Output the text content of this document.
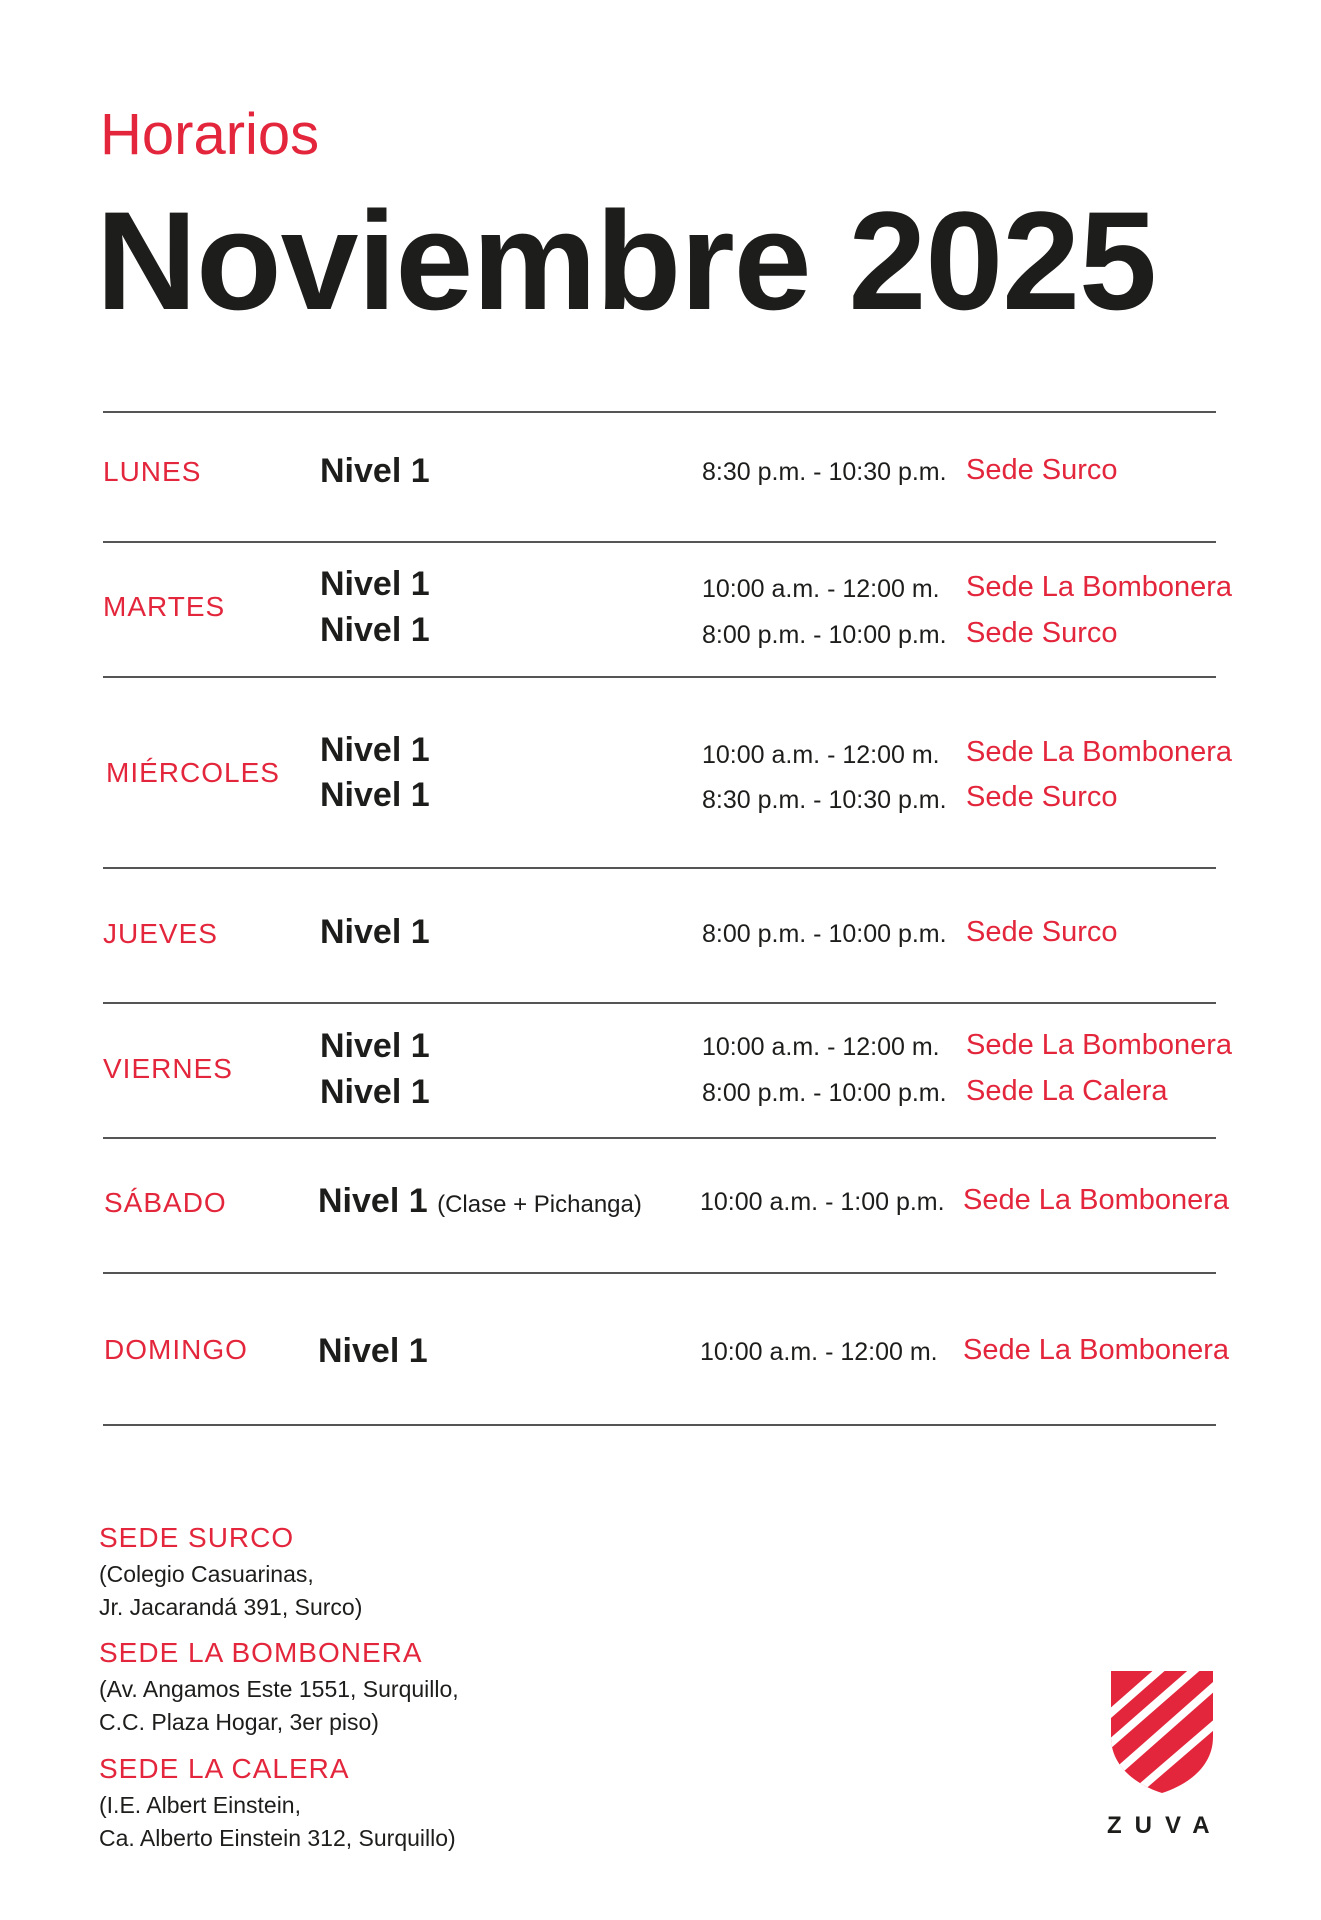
Horarios
Noviembre 2025
LUNES	Nivel 1	8:30 p.m. - 10:30 p.m. Sede Surco
MARTES
Nivel 1	10:00 a.m. - 12:00 m. Sede La Bombonera
Nivel 1	8:00 p.m. - 10:00 p.m. Sede Surco
MIÉRCOLES
Nivel 1	10:00 a.m. - 12:00 m. Sede La Bombonera
Nivel 1	8:30 p.m. - 10:30 p.m. Sede Surco
JUEVES	Nivel 1	8:00 p.m. - 10:00 p.m. Sede Surco
VIERNES
Nivel 1	10:00 a.m. - 12:00 m. Sede La Bombonera
Nivel 1	8:00 p.m. - 10:00 p.m. Sede La Calera
SÁBADO	Nivel 1 (Clase + Pichanga) 10:00 a.m. - 1:00 p.m. Sede La Bombonera
DOMINGO Nivel 1	10:00 a.m. - 12:00 m. Sede La Bombonera
SEDE SURCO
(Colegio Casuarinas,
Jr. Jacarandá 391, Surco)
SEDE LA BOMBONERA
(Av. Angamos Este 1551, Surquillo,
C.C. Plaza Hogar, 3er piso)
SEDE LA CALERA
(I.E. Albert Einstein,
Ca. Alberto Einstein 312, Surquillo)	ZUVA
